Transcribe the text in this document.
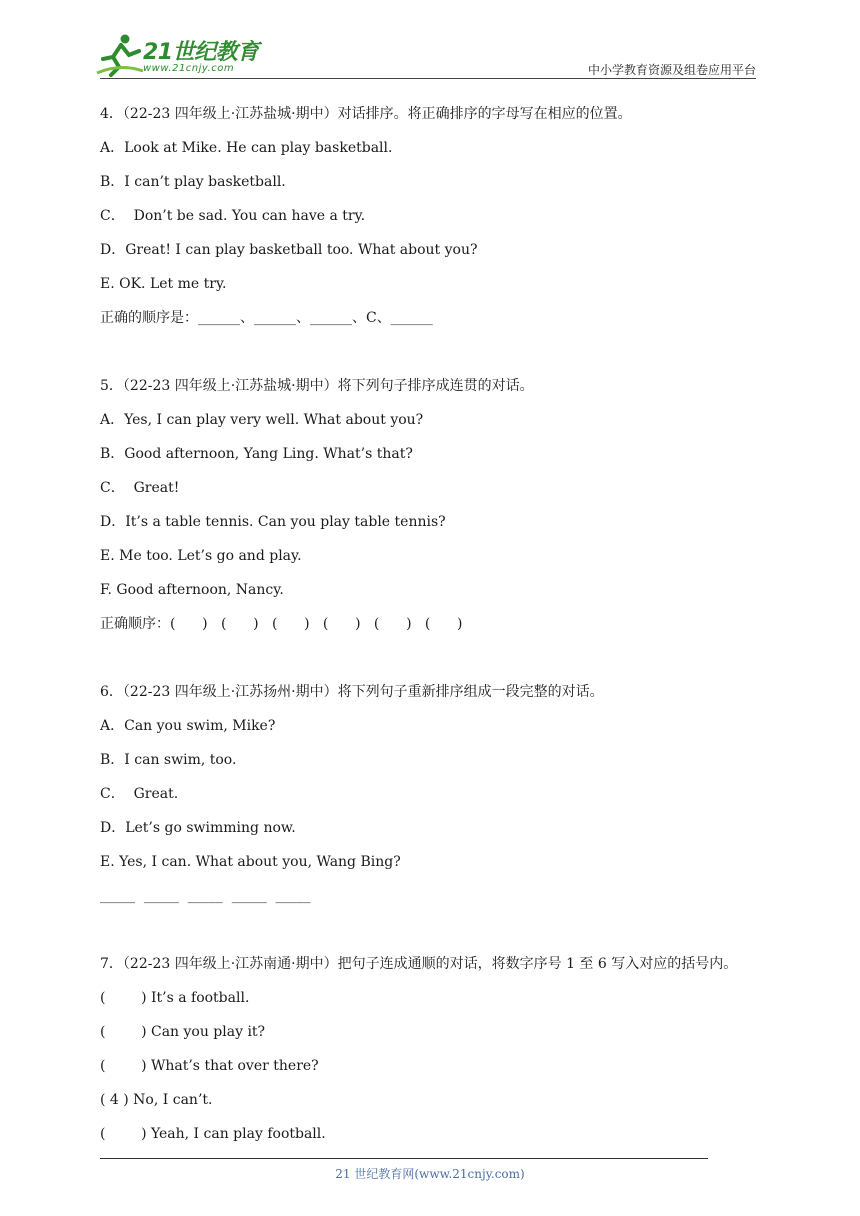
21世纪教育
www.21cnjy.com	中小学教育资源及组卷应用平台
4．（22-23 四年级上·江苏盐城·期中）对话排序。将正确排序的字母写在相应的位置。
A．Look at Mike. He can play basketball.
B．I can’t play basketball.
C．  Don’t be sad. You can have a try.
D．Great! I can play basketball too. What about you?
E. OK. Let me try.
正确的顺序是：______、______、______、C、______
5．（22-23 四年级上·江苏盐城·期中）将下列句子排序成连贯的对话。
A．Yes, I can play very well. What about you?
B．Good afternoon, Yang Ling. What’s that?
C．  Great!
D．It’s a table tennis. Can you play table tennis?
E. Me too. Let’s go and play.
F. Good afternoon, Nancy.
正确顺序：(      )   (      )   (      )   (      )   (      )   (      )
6．（22-23 四年级上·江苏扬州·期中）将下列句子重新排序组成一段完整的对话。
A．Can you swim, Mike?
B．I can swim, too.
C．  Great.
D．Let’s go swimming now.
E. Yes, I can. What about you, Wang Bing?
_____  _____  _____  _____  _____
7．（22-23 四年级上·江苏南通·期中）把句子连成通顺的对话，将数字序号 1 至 6 写入对应的括号内。
(        ) It’s a football.
(        ) Can you play it?
(        ) What’s that over there?
( 4 ) No, I can’t.
(        ) Yeah, I can play football.
21 世纪教育网(www.21cnjy.com)
